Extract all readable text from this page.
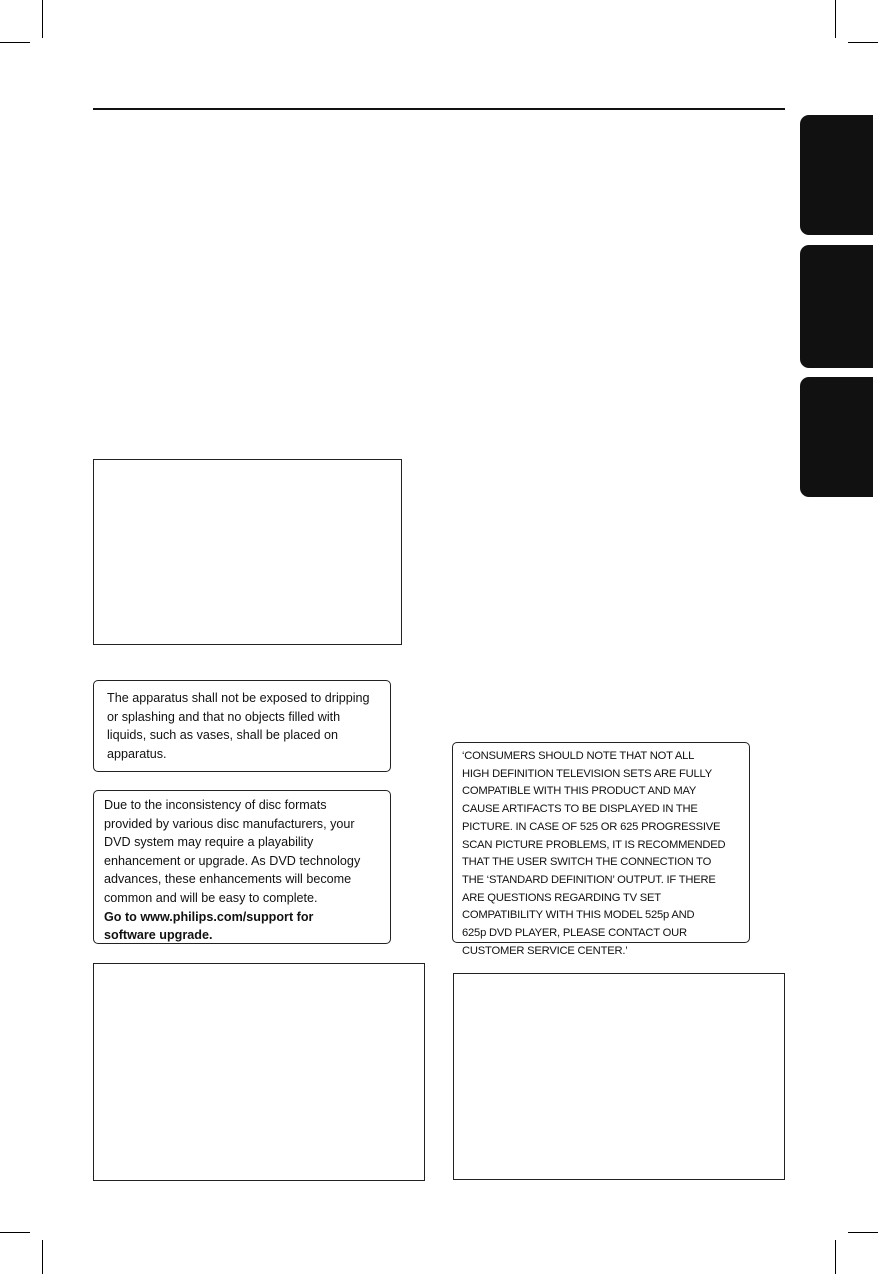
The apparatus shall not be exposed to dripping
or splashing and that no objects filled with
liquids, such as vases, shall be placed on
apparatus.
Due to the inconsistency of disc formats
provided by various disc manufacturers, your
DVD system may require a playability
enhancement or upgrade. As DVD technology
advances, these enhancements will become
common and will be easy to complete.
Go to www.philips.com/support for
software upgrade.
‘CONSUMERS SHOULD NOTE THAT NOT ALL
HIGH DEFINITION TELEVISION SETS ARE FULLY
COMPATIBLE WITH THIS PRODUCT AND MAY
CAUSE ARTIFACTS TO BE DISPLAYED IN THE
PICTURE. IN CASE OF 525 OR 625 PROGRESSIVE
SCAN PICTURE PROBLEMS, IT IS RECOMMENDED
THAT THE USER SWITCH THE CONNECTION TO
THE ‘STANDARD DEFINITION’ OUTPUT. IF THERE
ARE QUESTIONS REGARDING TV SET
COMPATIBILITY WITH THIS MODEL 525p AND
625p DVD PLAYER, PLEASE CONTACT OUR
CUSTOMER SERVICE CENTER.’
